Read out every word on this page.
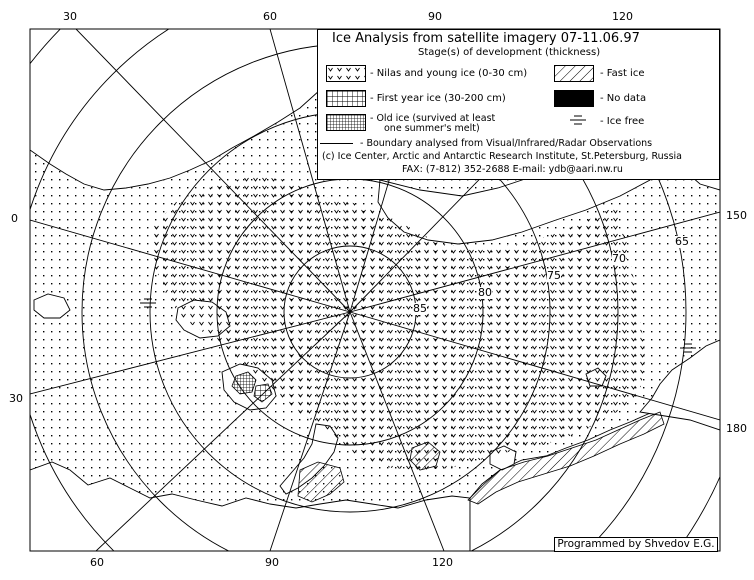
30	60	90	120
0
30
150
180
60	90	120
85
80
75
70
65
Ice Analysis from satellite imagery 07-11.06.97
Stage(s) of development (thickness)
- Nilas and young ice (0-30 cm)	- Fast ice
- First year ice (30-200 cm)	- No data
- Old ice (survived at least
one summer's melt)
- Ice free
- Boundary analysed from Visual/Infrared/Radar Observations
(c) Ice Center, Arctic and Antarctic Research Institute, St.Petersburg, Russia
FAX: (7-812) 352-2688 E-mail: ydb@aari.nw.ru
Programmed by Shvedov E.G.
